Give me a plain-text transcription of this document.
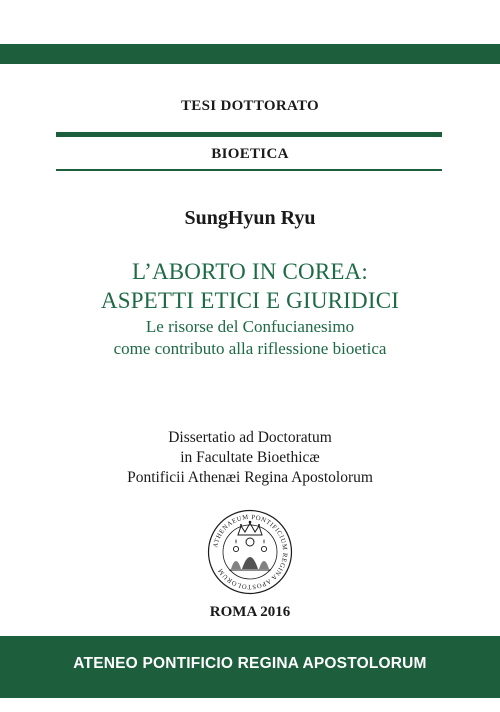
TESI DOTTORATO
BIOETICA
SungHyun Ryu
L’ABORTO IN COREA:
ASPETTI ETICI E GIURIDICI
Le risorse del Confucianesimo
come contributo alla riflessione bioetica
Dissertatio ad Doctoratum
in Facultate Bioethicæ
Pontificii Athenæi Regina Apostolorum
ATHENAEUM PONTIFICIUM REGINA APOSTOLORUM
ROMA 2016
ATENEO PONTIFICIO REGINA APOSTOLORUM
